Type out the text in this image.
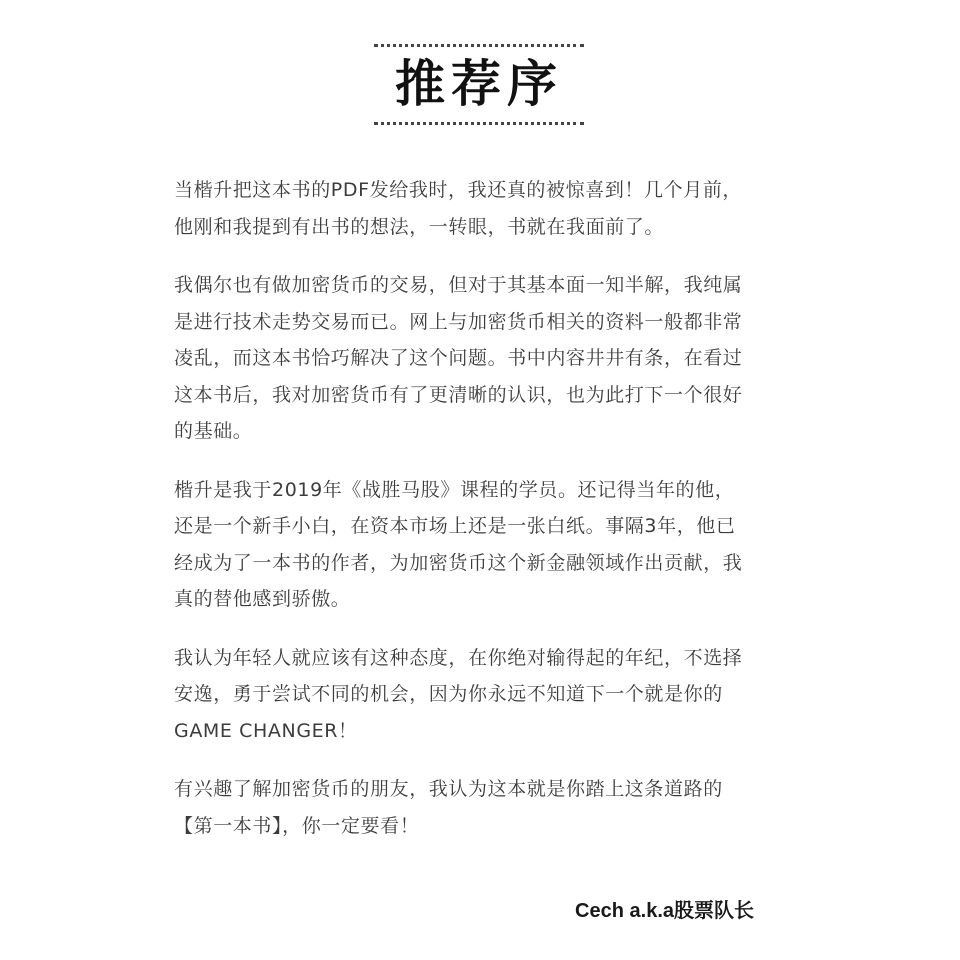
推荐序

当楷升把这本书的PDF发给我时，我还真的被惊喜到！几个月前，
他刚和我提到有出书的想法，一转眼，书就在我面前了。

我偶尔也有做加密货币的交易，但对于其基本面一知半解，我纯属
是进行技术走势交易而已。网上与加密货币相关的资料一般都非常
凌乱，而这本书恰巧解决了这个问题。书中内容井井有条，在看过
这本书后，我对加密货币有了更清晰的认识，也为此打下一个很好
的基础。

楷升是我于2019年《战胜马股》课程的学员。还记得当年的他，
还是一个新手小白，在资本市场上还是一张白纸。事隔3年，他已
经成为了一本书的作者，为加密货币这个新金融领域作出贡献，我
真的替他感到骄傲。

我认为年轻人就应该有这种态度，在你绝对输得起的年纪，不选择
安逸，勇于尝试不同的机会，因为你永远不知道下一个就是你的
GAME CHANGER！

有兴趣了解加密货币的朋友，我认为这本就是你踏上这条道路的
【第一本书】，你一定要看！

Cech a.k.a股票队长
